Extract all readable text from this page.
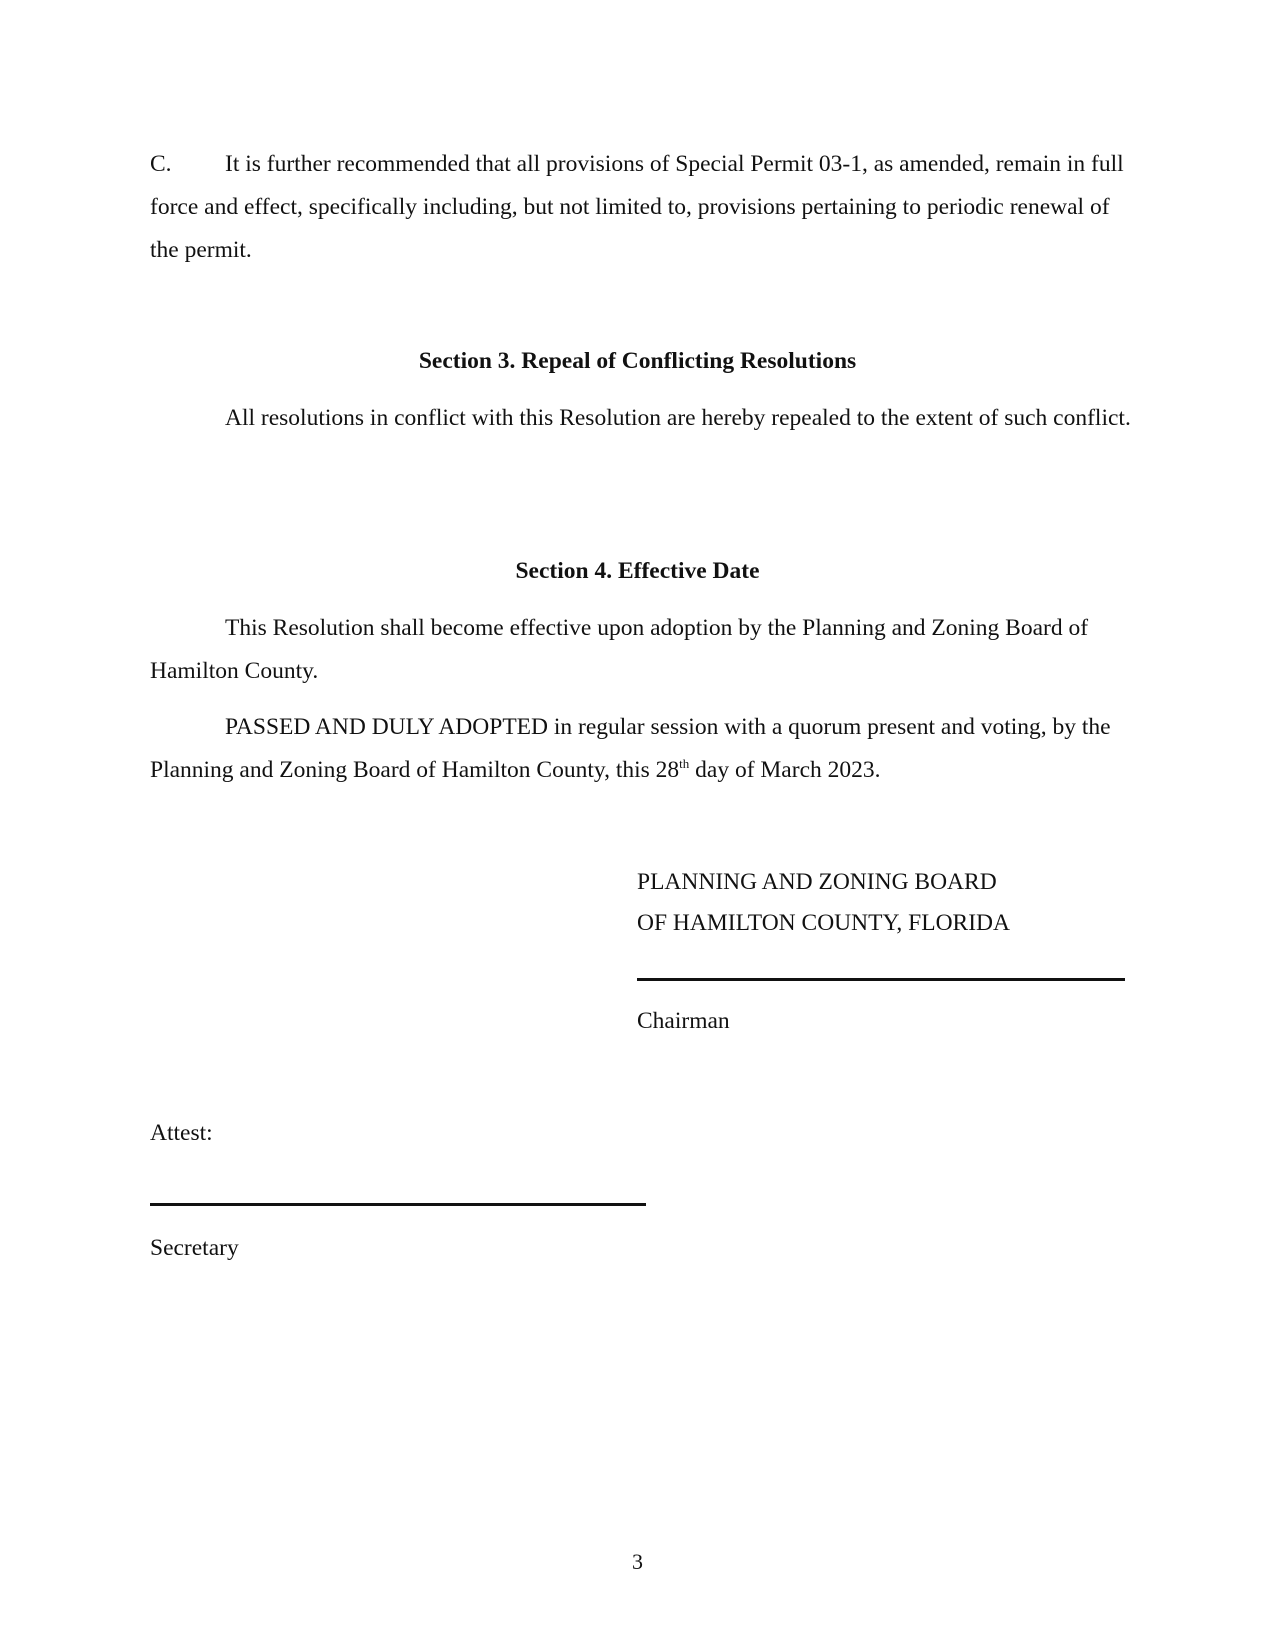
C. It is further recommended that all provisions of Special Permit 03-1, as amended, remain in full force and effect, specifically including, but not limited to, provisions pertaining to periodic renewal of the permit.
Section 3. Repeal of Conflicting Resolutions
All resolutions in conflict with this Resolution are hereby repealed to the extent of such conflict.
Section 4. Effective Date
This Resolution shall become effective upon adoption by the Planning and Zoning Board of Hamilton County.
PASSED AND DULY ADOPTED in regular session with a quorum present and voting, by the Planning and Zoning Board of Hamilton County, this 28th day of March 2023.
PLANNING AND ZONING BOARD
OF HAMILTON COUNTY, FLORIDA
Chairman
Attest:
Secretary
3
